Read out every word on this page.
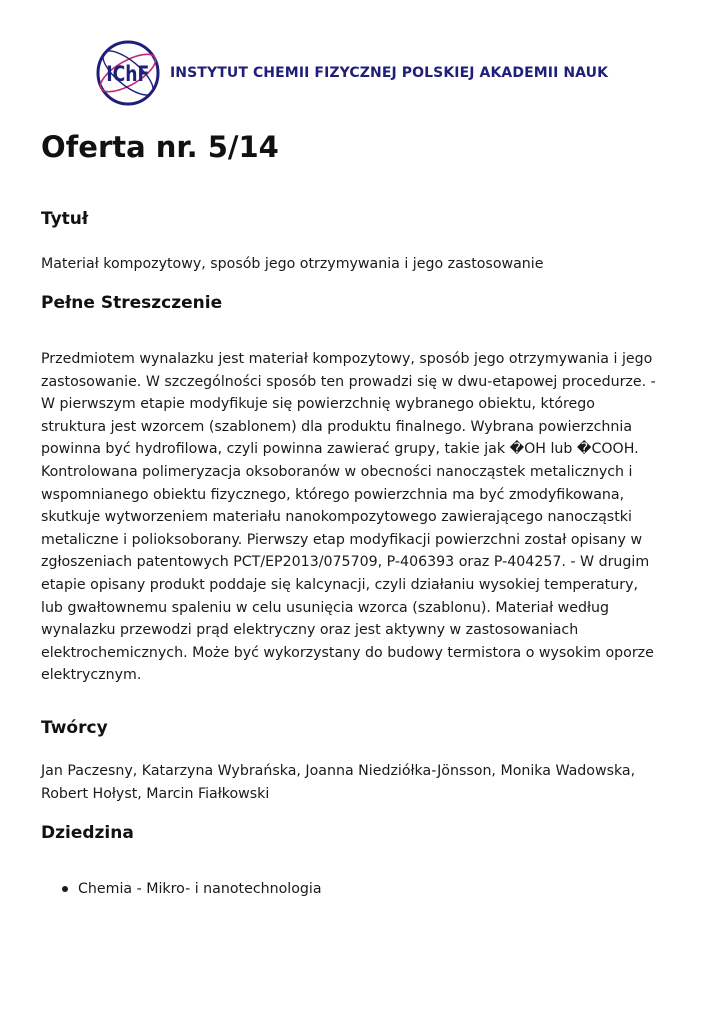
IChF INSTYTUT CHEMII FIZYCZNEJ POLSKIEJ AKADEMII NAUK
Oferta nr. 5/14
Tytuł

Materiał kompozytowy, sposób jego otrzymywania i jego zastosowanie

Pełne Streszczenie

Przedmiotem wynalazku jest materiał kompozytowy, sposób jego otrzymywania i jego
zastosowanie. W szczególności sposób ten prowadzi się w dwu-etapowej procedurze. -
W pierwszym etapie modyfikuje się powierzchnię wybranego obiektu, którego
struktura jest wzorcem (szablonem) dla produktu finalnego. Wybrana powierzchnia
powinna być hydrofilowa, czyli powinna zawierać grupy, takie jak �OH lub �COOH.
Kontrolowana polimeryzacja oksoboranów w obecności nanocząstek metalicznych i
wspomnianego obiektu fizycznego, którego powierzchnia ma być zmodyfikowana,
skutkuje wytworzeniem materiału nanokompozytowego zawierającego nanocząstki
metaliczne i polioksoborany. Pierwszy etap modyfikacji powierzchni został opisany w
zgłoszeniach patentowych PCT/EP2013/075709, P-406393 oraz P-404257. - W drugim
etapie opisany produkt poddaje się kalcynacji, czyli działaniu wysokiej temperatury,
lub gwałtownemu spaleniu w celu usunięcia wzorca (szablonu). Materiał według
wynalazku przewodzi prąd elektryczny oraz jest aktywny w zastosowaniach
elektrochemicznych. Może być wykorzystany do budowy termistora o wysokim oporze
elektrycznym.

Twórcy

Jan Paczesny, Katarzyna Wybrańska, Joanna Niedziółka-Jönsson, Monika Wadowska,
Robert Hołyst, Marcin Fiałkowski

Dziedzina
Chemia - Mikro- i nanotechnologia
